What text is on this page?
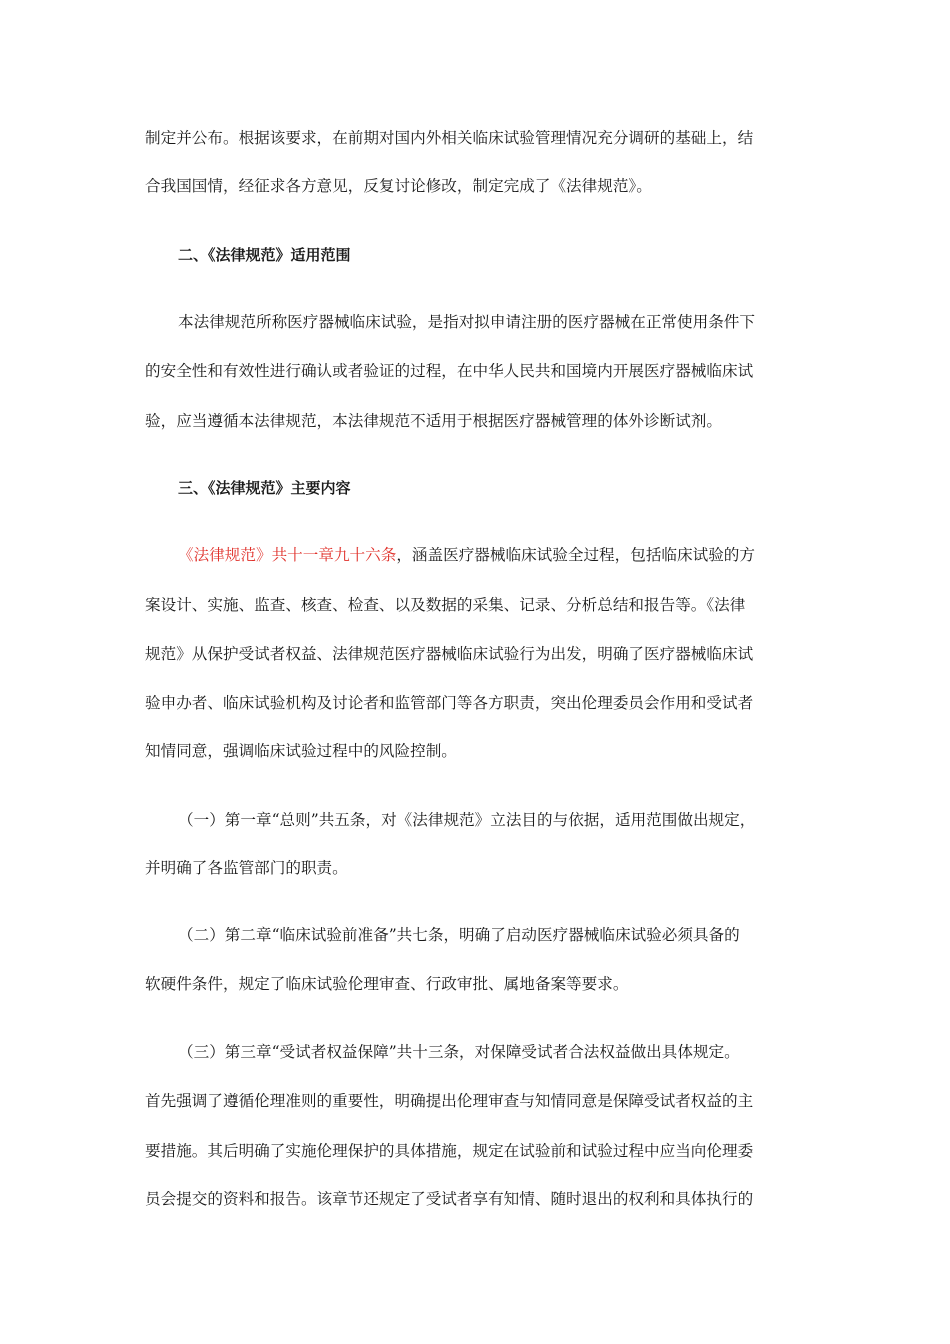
制定并公布。根据该要求，在前期对国内外相关临床试验管理情况充分调研的基础上，结
合我国国情，经征求各方意见，反复讨论修改，制定完成了《法律规范》。
二、《法律规范》适用范围
本法律规范所称医疗器械临床试验，是指对拟申请注册的医疗器械在正常使用条件下
的安全性和有效性进行确认或者验证的过程，在中华人民共和国境内开展医疗器械临床试
验，应当遵循本法律规范，本法律规范不适用于根据医疗器械管理的体外诊断试剂。
三、《法律规范》主要内容
《法律规范》共十一章九十六条，涵盖医疗器械临床试验全过程，包括临床试验的方
案设计、实施、监查、核查、检查、以及数据的采集、记录、分析总结和报告等。《法律
规范》从保护受试者权益、法律规范医疗器械临床试验行为出发，明确了医疗器械临床试
验申办者、临床试验机构及讨论者和监管部门等各方职责，突出伦理委员会作用和受试者
知情同意，强调临床试验过程中的风险控制。
（一）第一章“总则”共五条，对《法律规范》立法目的与依据，适用范围做出规定，
并明确了各监管部门的职责。
（二）第二章“临床试验前准备”共七条，明确了启动医疗器械临床试验必须具备的
软硬件条件，规定了临床试验伦理审查、行政审批、属地备案等要求。
（三）第三章“受试者权益保障”共十三条，对保障受试者合法权益做出具体规定。
首先强调了遵循伦理准则的重要性，明确提出伦理审查与知情同意是保障受试者权益的主
要措施。其后明确了实施伦理保护的具体措施，规定在试验前和试验过程中应当向伦理委
员会提交的资料和报告。该章节还规定了受试者享有知情、随时退出的权利和具体执行的
